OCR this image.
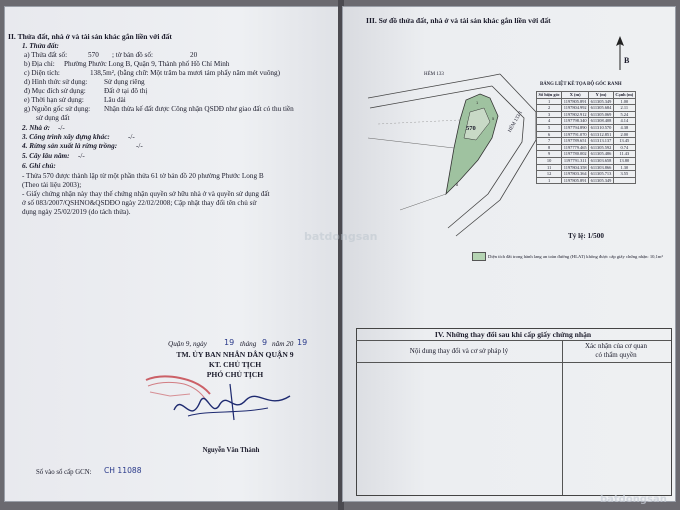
II. Thửa đất, nhà ở và tài sản khác gắn liền với đất
1. Thửa đất:
a) Thửa đất số:	570 ; tờ bản đồ số:	20
b) Địa chỉ: Phường Phước Long B, Quận 9, Thành phố Hồ Chí Minh
c) Diện tích:	138,5m², (bằng chữ: Một trăm ba mươi tám phẩy năm mét vuông)
d) Hình thức sử dụng: Sử dụng riêng
đ) Mục đích sử dụng:	Đất ở tại đô thị
e) Thời hạn sử dụng:	Lâu dài
g) Nguồn gốc sử dụng: Nhận thừa kế đất được Công nhận QSDĐ như giao đất có thu tiền
sử dụng đất
2. Nhà ở: -/-
3. Công trình xây dựng khác:	-/-
4. Rừng sản xuất là rừng trồng:	-/-
5. Cây lâu năm: -/-
6. Ghi chú:
- Thửa 570 được thành lập từ một phần thửa 61 tờ bản đồ 20 phường Phước Long B
(Theo tài liệu 2003);
- Giấy chứng nhận này thay thế chứng nhận quyền sở hữu nhà ở và quyền sử dụng đất
ở số 083/2007/QSHNO&QSDĐO ngày 22/02/2008; Cập nhật thay đổi tên chủ sử
dụng ngày 25/02/2019 (do tách thửa).
Quận 9, ngày 19 tháng 9 năm 20 19
TM. ỦY BAN NHÂN DÂN QUẬN 9
KT. CHỦ TỊCH
PHÓ CHỦ TỊCH
Nguyễn Văn Thành
Số vào sổ cấp GCN: CH 11088
III. Sơ đồ thửa đất, nhà ở và tài sản khác gắn liền với đất
B
1
5
8
HẺM 133
HẺM 133/1
570
BẢNG LIỆT KÊ TỌA ĐỘ GÓC RANH
Số hiệu góc	X (m)	Y (m)	Cạnh (m)
1	1197805.891	611305.349	1.00
2	1197804.992	611305.684	2.11
3	1197802.912	611305.069	5.24
4	1197798.340	611308.408	4.14
5	1197794.890	611310.570	4.38
6	1197791.070	611312.851	2.00
7	1197789.651	611313.137	13.45
8	1197779.465	611305.592	0.74
9	1197780.002	611305.486	11.43
10	1197791.311	611303.658	13.80
11	1197804.358	611303.866	1.30
12	1197803.364	611305.713	3.55
1	1197805.891	611305.349	
Tỷ lệ: 1/500
Diện tích đất trong hành lang an toàn đường (HLAT) không được cấp giấy chứng nhận: 10,1m²
IV. Những thay đổi sau khi cấp giấy chứng nhận
Nội dung thay đổi và cơ sở pháp lý
Xác nhận của cơ quan
có thẩm quyền
batdongsan
batdongsan
